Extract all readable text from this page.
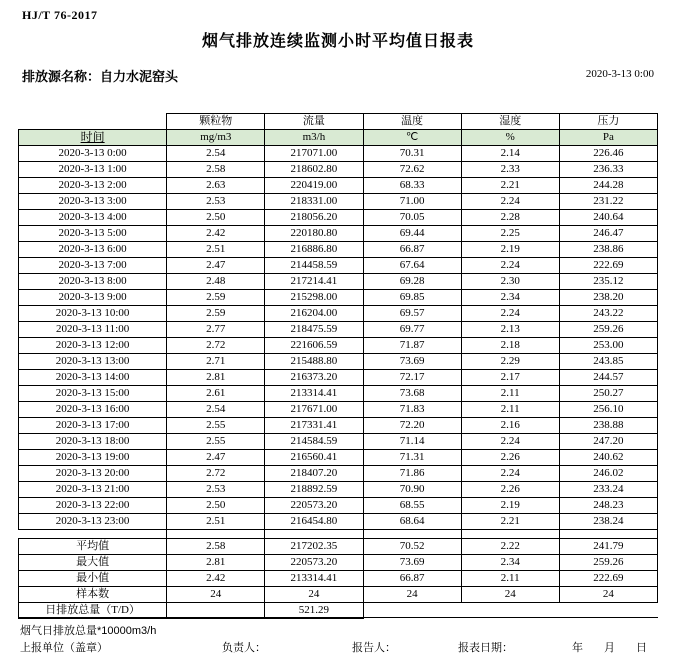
HJ/T 76-2017
烟气排放连续监测小时平均值日报表
排放源名称： 自力水泥窑头	2020-3-13 0:00
	颗粒物	流量	温度	湿度	压力
时间	mg/m3	m3/h	℃	%	Pa
2020-3-13 0:00	2.54	217071.00	70.31	2.14	226.46
2020-3-13 1:00	2.58	218602.80	72.62	2.33	236.33
2020-3-13 2:00	2.63	220419.00	68.33	2.21	244.28
2020-3-13 3:00	2.53	218331.00	71.00	2.24	231.22
2020-3-13 4:00	2.50	218056.20	70.05	2.28	240.64
2020-3-13 5:00	2.42	220180.80	69.44	2.25	246.47
2020-3-13 6:00	2.51	216886.80	66.87	2.19	238.86
2020-3-13 7:00	2.47	214458.59	67.64	2.24	222.69
2020-3-13 8:00	2.48	217214.41	69.28	2.30	235.12
2020-3-13 9:00	2.59	215298.00	69.85	2.34	238.20
2020-3-13 10:00	2.59	216204.00	69.57	2.24	243.22
2020-3-13 11:00	2.77	218475.59	69.77	2.13	259.26
2020-3-13 12:00	2.72	221606.59	71.87	2.18	253.00
2020-3-13 13:00	2.71	215488.80	73.69	2.29	243.85
2020-3-13 14:00	2.81	216373.20	72.17	2.17	244.57
2020-3-13 15:00	2.61	213314.41	73.68	2.11	250.27
2020-3-13 16:00	2.54	217671.00	71.83	2.11	256.10
2020-3-13 17:00	2.55	217331.41	72.20	2.16	238.88
2020-3-13 18:00	2.55	214584.59	71.14	2.24	247.20
2020-3-13 19:00	2.47	216560.41	71.31	2.26	240.62
2020-3-13 20:00	2.72	218407.20	71.86	2.24	246.02
2020-3-13 21:00	2.53	218892.59	70.90	2.26	233.24
2020-3-13 22:00	2.50	220573.20	68.55	2.19	248.23
2020-3-13 23:00	2.51	216454.80	68.64	2.21	238.24

平均值	2.58	217202.35	70.52	2.22	241.79
最大值	2.81	220573.20	73.69	2.34	259.26
最小值	2.42	213314.41	66.87	2.11	222.69
样本数	24	24	24	24	24
日排放总量（T/D）		521.29			
烟气日排放总量*10000m3/h
上报单位（盖章）	负责人：	报告人：	报表日期：	年 月 日
